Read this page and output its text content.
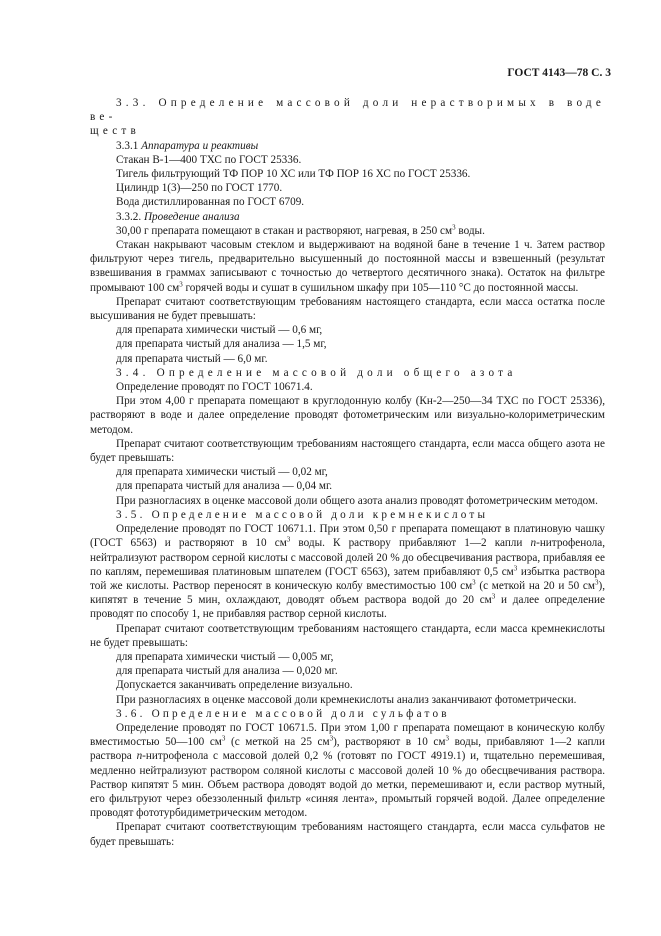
ГОСТ 4143—78 С. 3

3.3. Определение массовой доли нерастворимых в воде ве-
ществ

3.3.1 Аппаратура и реактивы

Стакан В-1—400 ТХС по ГОСТ 25336.

Тигель фильтрующий ТФ ПОР 10 ХС или ТФ ПОР 16 ХС по ГОСТ 25336.

Цилиндр 1(3)—250 по ГОСТ 1770.

Вода дистиллированная по ГОСТ 6709.

3.3.2. Проведение анализа

30,00 г препарата помещают в стакан и растворяют, нагревая, в 250 $см^3$ воды.

Стакан накрывают часовым стеклом и выдерживают на водяной бане в течение 1 ч. Затем раствор фильтруют через тигель, предварительно высушенный до постоянной массы и взвешенный (результат взвешивания в граммах записывают с точностью до четвертого десятичного знака). Остаток на фильтре промывают 100 $см^3$ горячей воды и сушат в сушильном шкафу при 105—110 °С до постоянной массы.

Препарат считают соответствующим требованиям настоящего стандарта, если масса остатка после высушивания не будет превышать:

для препарата химически чистый — 0,6 мг,

для препарата чистый для анализа — 1,5 мг,

для препарата чистый — 6,0 мг.

3.4. Определение массовой доли общего азота

Определение проводят по ГОСТ 10671.4.

При этом 4,00 г препарата помещают в круглодонную колбу (Кн-2—250—34 ТХС по ГОСТ 25336), растворяют в воде и далее определение проводят фотометрическим или визуально-колориметрическим методом.

Препарат считают соответствующим требованиям настоящего стандарта, если масса общего азота не будет превышать:

для препарата химически чистый — 0,02 мг,

для препарата чистый для анализа — 0,04 мг.

При разногласиях в оценке массовой доли общего азота анализ проводят фотометрическим методом.

3.5. Определение массовой доли кремнекислоты

Определение проводят по ГОСТ 10671.1. При этом 0,50 г препарата помещают в платиновую чашку (ГОСТ 6563) и растворяют в 10 $см^3$ воды. К раствору прибавляют 1—2 капли п-нитрофенола, нейтрализуют раствором серной кислоты с массовой долей 20 % до обесцвечивания раствора, прибавляя ее по каплям, перемешивая платиновым шпателем (ГОСТ 6563), затем прибавляют 0,5 $см^3$ избытка раствора той же кислоты. Раствор переносят в коническую колбу вместимостью 100 $см^3$ (с меткой на 20 и 50 $см^3$), кипятят в течение 5 мин, охлаждают, доводят объем раствора водой до 20 $см^3$ и далее определение проводят по способу 1, не прибавляя раствор серной кислоты.

Препарат считают соответствующим требованиям настоящего стандарта, если масса кремнекислоты не будет превышать:

для препарата химически чистый — 0,005 мг,

для препарата чистый для анализа — 0,020 мг.

Допускается заканчивать определение визуально.

При разногласиях в оценке массовой доли кремнекислоты анализ заканчивают фотометрически.

3.6. Определение массовой доли сульфатов

Определение проводят по ГОСТ 10671.5. При этом 1,00 г препарата помещают в коническую колбу вместимостью 50—100 $см^3$ (с меткой на 25 $см^3$), растворяют в 10 $см^3$ воды, прибавляют 1—2 капли раствора п-нитрофенола с массовой долей 0,2 % (готовят по ГОСТ 4919.1) и, тщательно перемешивая, медленно нейтрализуют раствором соляной кислоты с массовой долей 10 % до обесцвечивания раствора. Раствор кипятят 5 мин. Объем раствора доводят водой до метки, перемешивают и, если раствор мутный, его фильтруют через обеззоленный фильтр «синяя лента», промытый горячей водой. Далее определение проводят фототурбидиметрическим методом.

Препарат считают соответствующим требованиям настоящего стандарта, если масса сульфатов не будет превышать:
